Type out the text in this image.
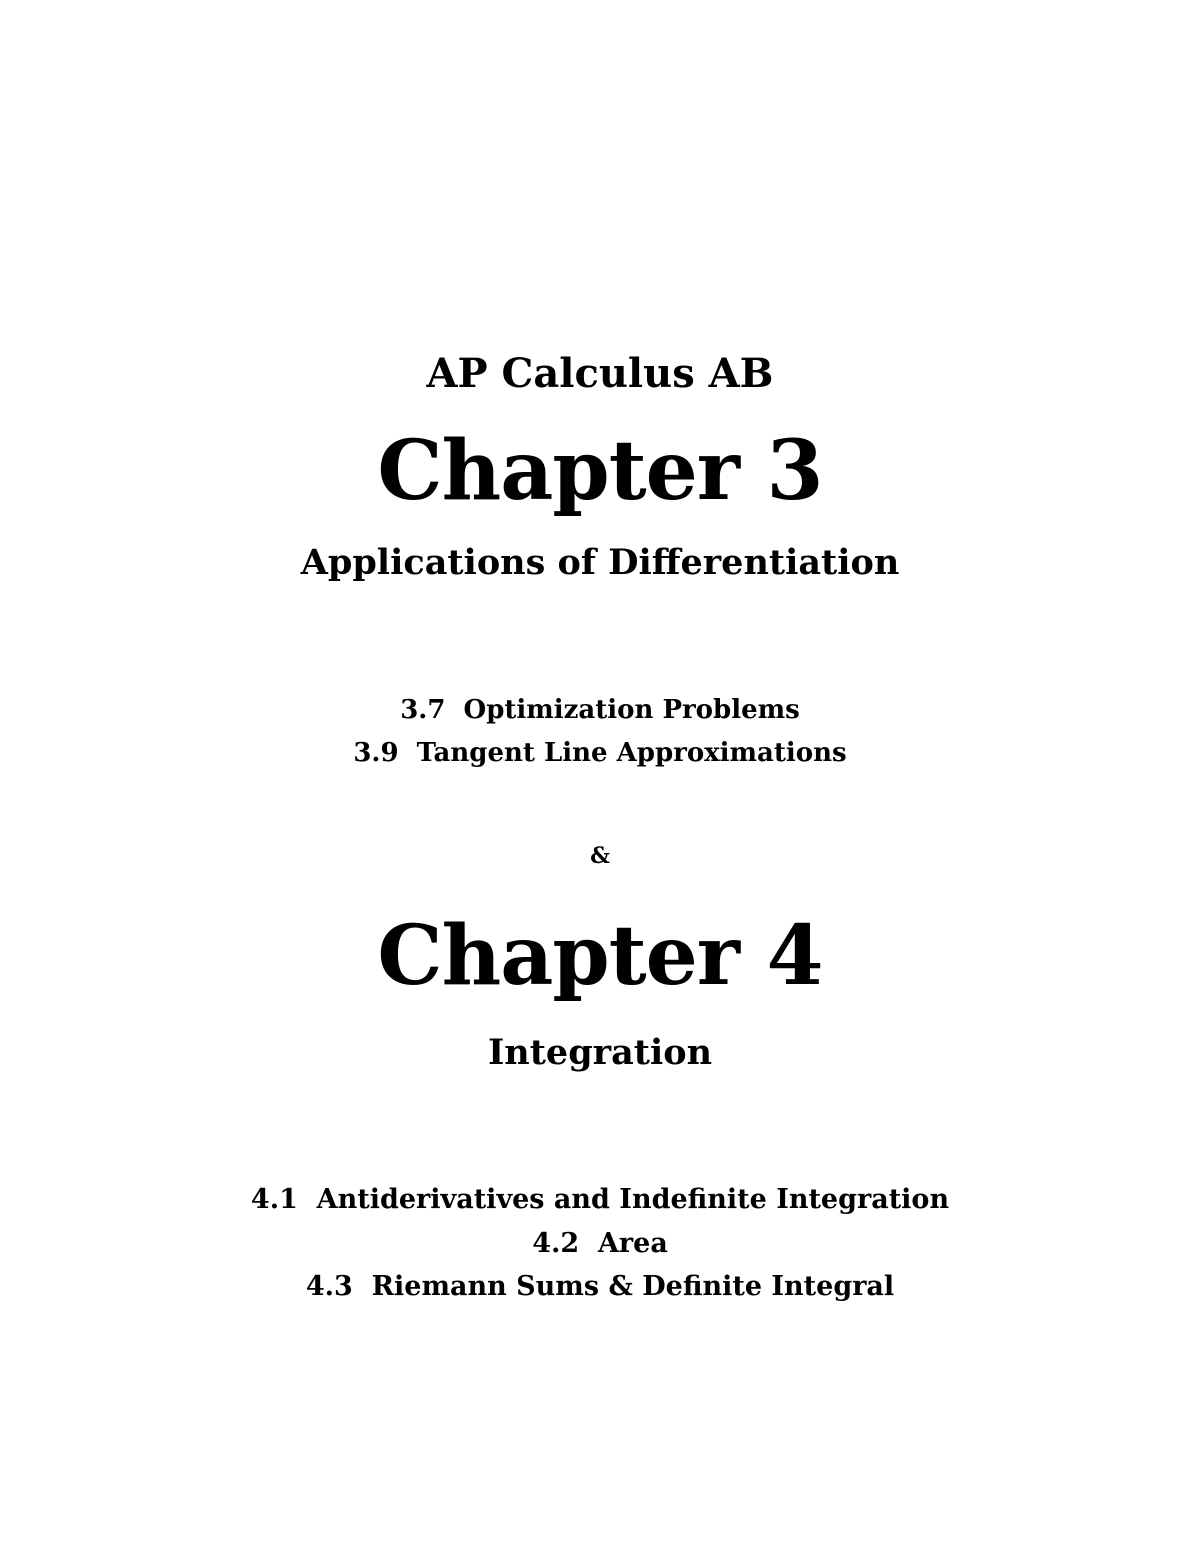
AP Calculus AB
Chapter 3
Applications of Differentiation
3.7  Optimization Problems
3.9  Tangent Line Approximations
&
Chapter 4
Integration
4.1  Antiderivatives and Indefinite Integration
4.2  Area
4.3  Riemann Sums & Definite Integral
